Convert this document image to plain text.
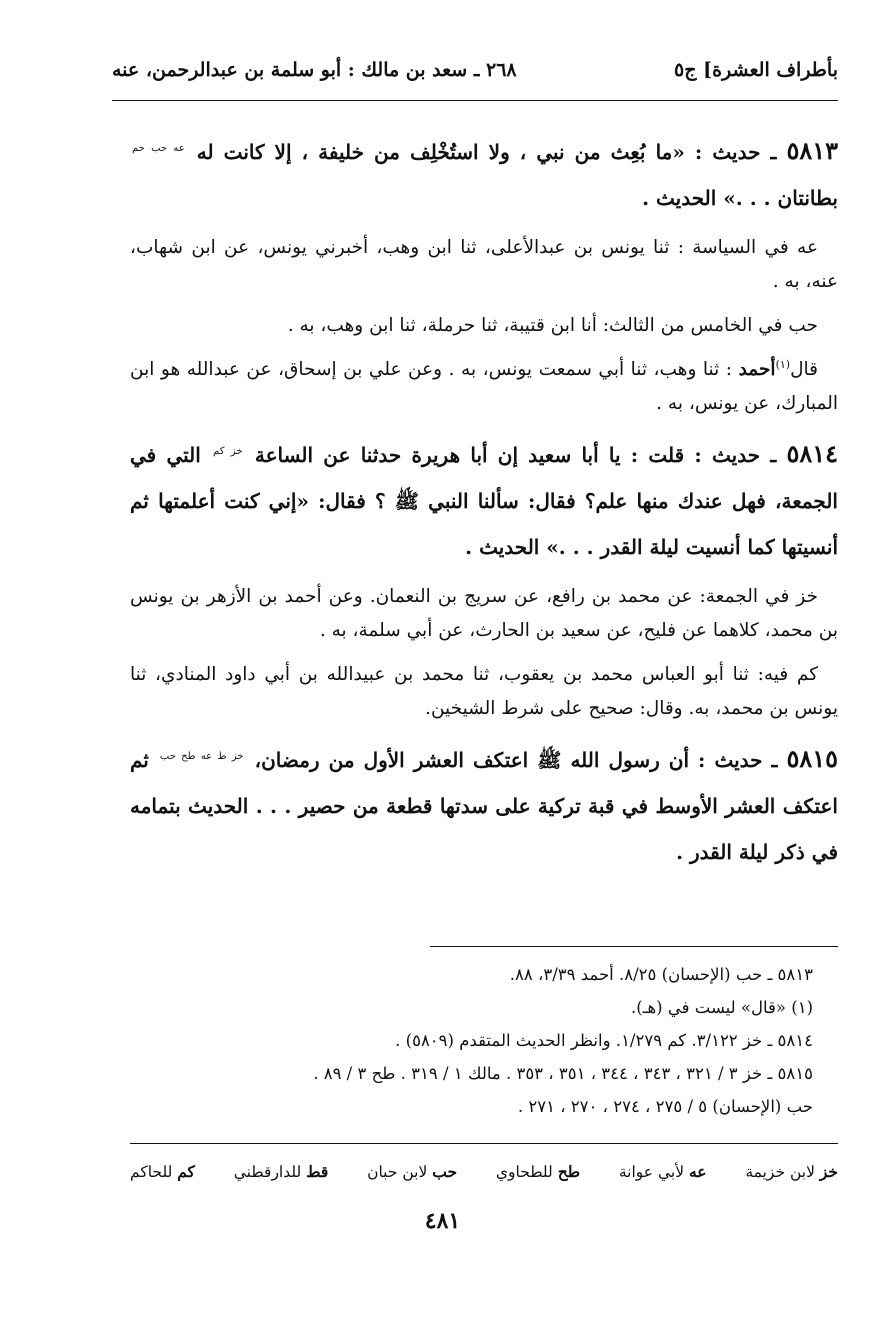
بأطراف العشرة] ج٥
٢٦٨ ـ سعد بن مالك : أبو سلمة بن عبدالرحمن، عنه
٥٨١٣ ـ حديث : «ما بُعِث من نبي ، ولا استُخْلِف من خليفة ، إلا كانت له $^{عه حب حم}$ بطانتان . . .» الحديث .
عه في السياسة : ثنا يونس بن عبدالأعلى، ثنا ابن وهب، أخبرني يونس، عن ابن شهاب، عنه، به .
حب في الخامس من الثالث: أنا ابن قتيبة، ثنا حرملة، ثنا ابن وهب، به .
قال$^{(١)}$أحمد : ثنا وهب، ثنا أبي سمعت يونس، به . وعن علي بن إسحاق، عن عبدالله هو ابن المبارك، عن يونس، به .
٥٨١٤ ـ حديث : قلت : يا أبا سعيد إن أبا هريرة حدثنا عن الساعة $^{خز كم}$ التي في الجمعة، فهل عندك منها علم؟ فقال: سألنا النبي ﷺ ؟ فقال: «إني كنت أعلمتها ثم أنسيتها كما أنسيت ليلة القدر . . .» الحديث .
خز في الجمعة: عن محمد بن رافع، عن سريج بن النعمان. وعن أحمد بن الأزهر بن يونس بن محمد، كلاهما عن فليح، عن سعيد بن الحارث، عن أبي سلمة، به .
كم فيه: ثنا أبو العباس محمد بن يعقوب، ثنا محمد بن عبيدالله بن أبي داود المنادي، ثنا يونس بن محمد، به. وقال: صحيح على شرط الشيخين.
٥٨١٥ ـ حديث : أن رسول الله ﷺ اعتكف العشر الأول من رمضان، $^{خز ط عه طح حب}$ ثم اعتكف العشر الأوسط في قبة تركية على سدتها قطعة من حصير . . . الحديث بتمامه في ذكر ليلة القدر .
٥٨١٣ ـ حب (الإحسان) ٨/٢٥. أحمد ٣/٣٩، ٨٨.
(١) «قال» ليست في (هـ).
٥٨١٤ ـ خز ٣/١٢٢. كم ١/٢٧٩. وانظر الحديث المتقدم (٥٨٠٩) .
٥٨١٥ ـ خز ٣ / ٣٢١ ، ٣٤٣ ، ٣٤٤ ، ٣٥١ ، ٣٥٣ . مالك ١ / ٣١٩ . طح ٣ / ٨٩ .
حب (الإحسان) ٥ / ٢٧٥ ، ٢٧٤ ، ٢٧٠ ، ٢٧١ .
خز لابن خزيمة
عه لأبي عوانة
طح للطحاوي
حب لابن حبان
قط للدارقطني
كم للحاكم
٤٨١
